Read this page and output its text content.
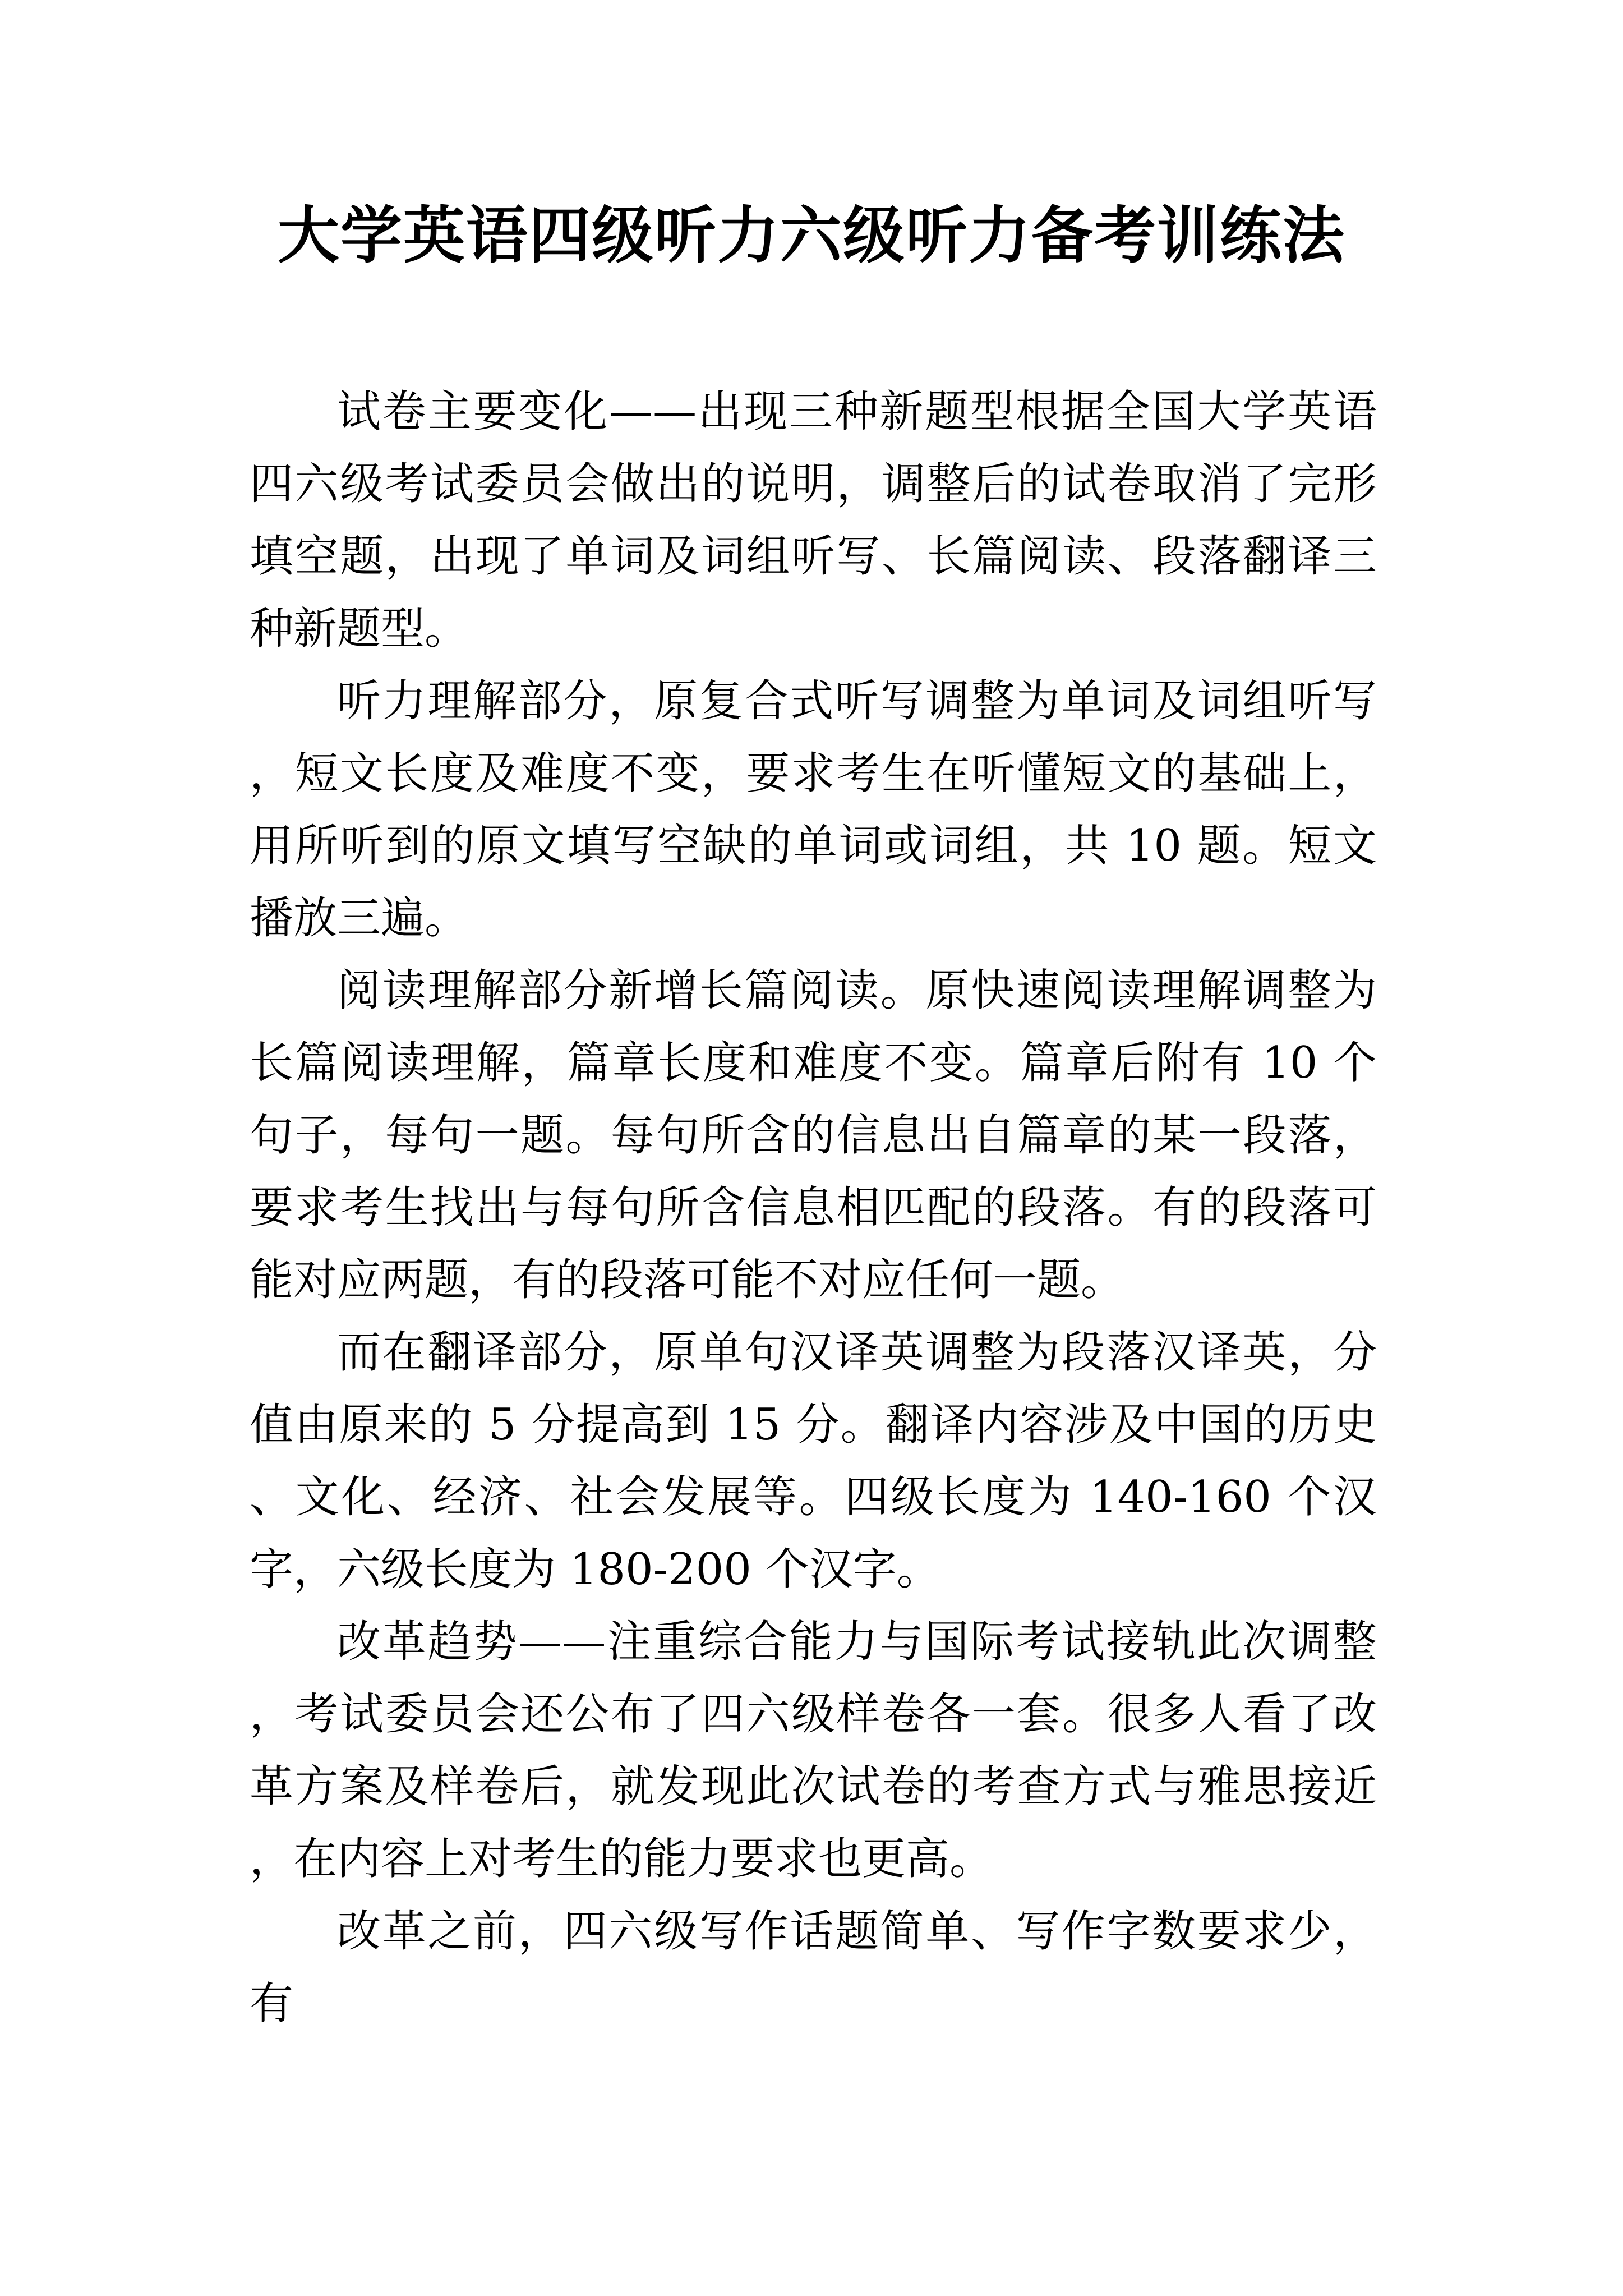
大学英语四级听力六级听力备考训练法

试卷主要变化——出现三种新题型根据全国大学英语四六级考试委员会做出的说明，调整后的试卷取消了完形填空题，出现了单词及词组听写、长篇阅读、段落翻译三种新题型。

听力理解部分，原复合式听写调整为单词及词组听写，短文长度及难度不变，要求考生在听懂短文的基础上，用所听到的原文填写空缺的单词或词组，共 10 题。短文播放三遍。

阅读理解部分新增长篇阅读。原快速阅读理解调整为长篇阅读理解，篇章长度和难度不变。篇章后附有 10 个句子，每句一题。每句所含的信息出自篇章的某一段落，要求考生找出与每句所含信息相匹配的段落。有的段落可能对应两题，有的段落可能不对应任何一题。

而在翻译部分，原单句汉译英调整为段落汉译英，分值由原来的 5 分提高到 15 分。翻译内容涉及中国的历史、文化、经济、社会发展等。四级长度为 140-160 个汉字，六级长度为 180-200 个汉字。

改革趋势——注重综合能力与国际考试接轨此次调整，考试委员会还公布了四六级样卷各一套。很多人看了改革方案及样卷后，就发现此次试卷的考查方式与雅思接近，在内容上对考生的能力要求也更高。

改革之前，四六级写作话题简单、写作字数要求少，有
